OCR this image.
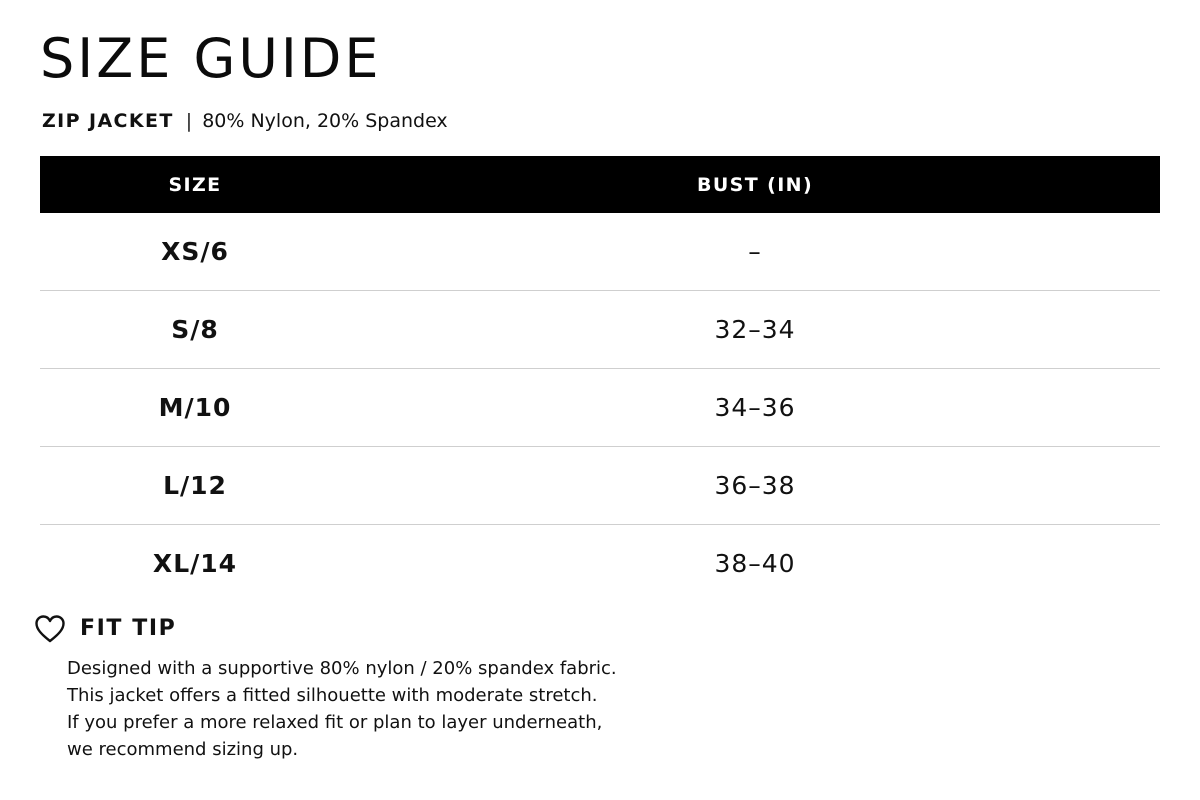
SIZE GUIDE
ZIP JACKET | 80% Nylon, 20% Spandex
SIZE	BUST (IN)
XS/6	–
S/8	32–34
M/10	34–36
L/12	36–38
XL/14	38–40
FIT TIP
Designed with a supportive 80% nylon / 20% spandex fabric.
This jacket offers a fitted silhouette with moderate stretch.
If you prefer a more relaxed fit or plan to layer underneath,
we recommend sizing up.
